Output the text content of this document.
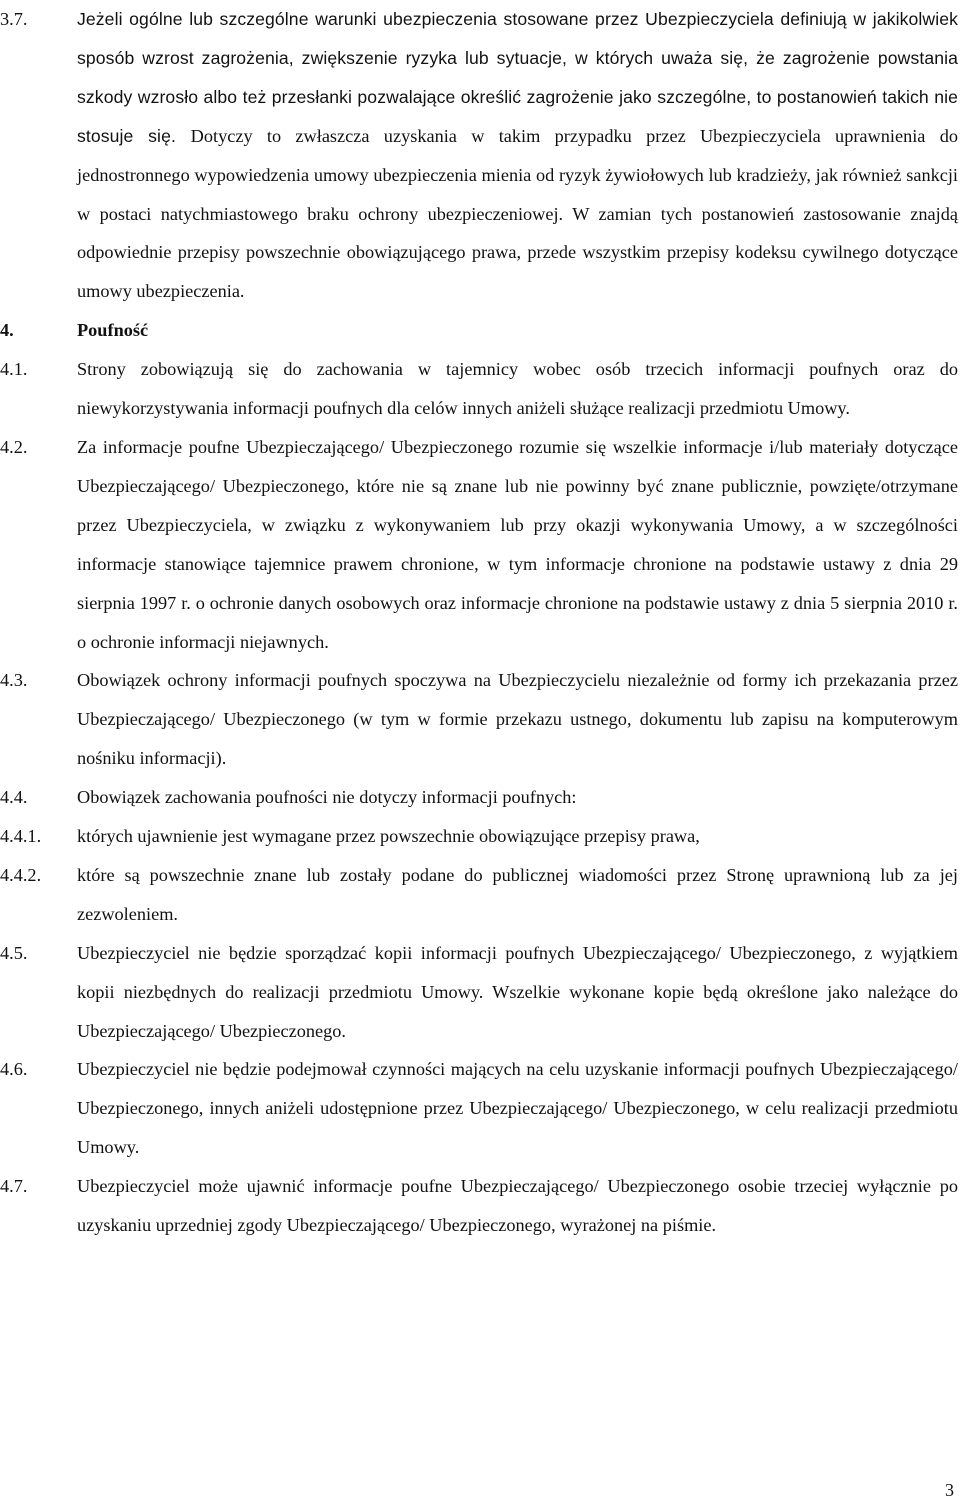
3.7.	Jeżeli ogólne lub szczególne warunki ubezpieczenia stosowane przez Ubezpieczyciela definiują w jakikolwiek sposób wzrost zagrożenia, zwiększenie ryzyka lub sytuacje, w których uważa się, że zagrożenie powstania szkody wzrosło albo też przesłanki pozwalające określić zagrożenie jako szczególne, to postanowień takich nie stosuje się. Dotyczy to zwłaszcza uzyskania w takim przypadku przez Ubezpieczyciela uprawnienia do jednostronnego wypowiedzenia umowy ubezpieczenia mienia od ryzyk żywiołowych lub kradzieży, jak również sankcji w postaci natychmiastowego braku ochrony ubezpieczeniowej. W zamian tych postanowień zastosowanie znajdą odpowiednie przepisy powszechnie obowiązującego prawa, przede wszystkim przepisy kodeksu cywilnego dotyczące umowy ubezpieczenia.
4.	Poufność
4.1.	Strony zobowiązują się do zachowania w tajemnicy wobec osób trzecich informacji poufnych oraz do niewykorzystywania informacji poufnych dla celów innych aniżeli służące realizacji przedmiotu Umowy.
4.2.	Za informacje poufne Ubezpieczającego/ Ubezpieczonego rozumie się wszelkie informacje i/lub materiały dotyczące Ubezpieczającego/ Ubezpieczonego, które nie są znane lub nie powinny być znane publicznie, powzięte/otrzymane przez Ubezpieczyciela, w związku z wykonywaniem lub przy okazji wykonywania Umowy, a w szczególności informacje stanowiące tajemnice prawem chronione, w tym informacje chronione na podstawie ustawy z dnia 29 sierpnia 1997 r. o ochronie danych osobowych oraz informacje chronione na podstawie ustawy z dnia 5 sierpnia 2010 r. o ochronie informacji niejawnych.
4.3.	Obowiązek ochrony informacji poufnych spoczywa na Ubezpieczycielu niezależnie od formy ich przekazania przez Ubezpieczającego/ Ubezpieczonego (w tym w formie przekazu ustnego, dokumentu lub zapisu na komputerowym nośniku informacji).
4.4.	Obowiązek zachowania poufności nie dotyczy informacji poufnych:
4.4.1.	których ujawnienie jest wymagane przez powszechnie obowiązujące przepisy prawa,
4.4.2.	które są powszechnie znane lub zostały podane do publicznej wiadomości przez Stronę uprawnioną lub za jej zezwoleniem.
4.5.	Ubezpieczyciel nie będzie sporządzać kopii informacji poufnych Ubezpieczającego/ Ubezpieczonego, z wyjątkiem kopii niezbędnych do realizacji przedmiotu Umowy. Wszelkie wykonane kopie będą określone jako należące do Ubezpieczającego/ Ubezpieczonego.
4.6.	Ubezpieczyciel nie będzie podejmował czynności mających na celu uzyskanie informacji poufnych Ubezpieczającego/ Ubezpieczonego, innych aniżeli udostępnione przez Ubezpieczającego/ Ubezpieczonego, w celu realizacji przedmiotu Umowy.
4.7.	Ubezpieczyciel może ujawnić informacje poufne Ubezpieczającego/ Ubezpieczonego osobie trzeciej wyłącznie po uzyskaniu uprzedniej zgody Ubezpieczającego/ Ubezpieczonego, wyrażonej na piśmie.
3
